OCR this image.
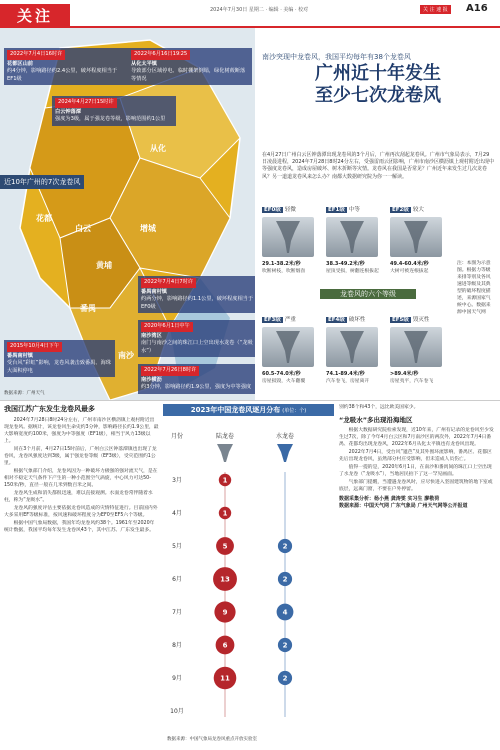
关注	2024年7月30日 星期二 · 编辑 · 美编 · 校对	关 注 速 报	A16
从化
花都
白云
黄埔
增城
番禺
南沙
2022年7月4日16时许
花都区山前
约4分钟，影响路径约2.4公里，破坏程度相当于EF1级
2022年6月16日19∶25
从化太平镇
导致部分区域停电、临时棚架倒塌，绿化树莜断落等情况
2024年4月27日15时许
白云钟落潭
强度为3级，属于强龙卷等级，影响范围约1公里
近10年广州的7次龙卷风
2022年7月4日7时许
番禺南村镇
约两分钟，影响路径约1.1公里，破坏程度相当于EF0级
2020年6月1日中午
南沙湾区
南门与南沙之间的珠江口上空出现水龙卷（“龙吸水”）
2015年10月4日下午
番禺南村镇
受台风“彩虹”影响，龙卷风袭击致番禺、海珠大面积停电	2022年7月26日8时许
南沙横沥
约3分钟，影响路径约1.9公里，强度为中等强度
数据来源：广州天气
南沙突现中龙卷风，我国平均每年有38个龙卷风
广州近十年发生
至少七次龙卷风
在4月27日广州白云区钟落潭出现龙卷风的3个月后，广州再次刮起龙卷风。广州市气象局表示，7月29日凌晨进程，2024年7月28日8时24分左右，受强雷雨云团影响，广州市南沙区横沥镇上观村附近出现中等强度龙卷风，造成房屋破坏、树木折断等灾情。龙卷风在我国是否常见？广州近年来发生过几次龙卷风？另一道道龙卷风来怎么办？南都大数据研究院为你一一解读。
EF0级 轻微
29.1-38.2米/秒
吹断树枝，吹断烟囱
EF1级 中等
38.3-49.2米/秒
屋顶受损，树翻连根拔起
EF2级 较大
49.4-60.4米/秒
大树可被连根拔起
EF3级 严重
60.5-74.0米/秒
房屋损毁，火车翻覆
EF4级 破坏性
74.1-89.4米/秒
汽车卷飞，房屋离开
EF5级 毁灭性
>89.4米/秒
房屋夷平，汽车卷飞
龙卷风的六个等级
注：本图为示意图。根据力等级来排等别及各风速进等级及其典型的破坏程度描述，来源国家气候中心。数据来源中国天气网
我国江苏广东发生龙卷风最多

2024年7月28日8时24分左右，广州市南沙区横沥镇上观村附近出现龙卷风。据统计，该龙卷风生命史约3分钟，影响路径长约1.9公里，最大影响宽度约100米，强度为中等强度（EF1级），相当于风力13级以上。

同在3个月前，4月27日15时前后，广州白云区钟落潭镇也出现了龙卷风，龙卷风强度达到3级，属于强龙卷等级（EF3级），受灾范围约1公里。

根据气象部门介绍，龙卷风因为一种破坏力极强的强对流天气，是在相对不稳定天气条件下产生的一种小范围空气涡旋，中心风力可达50-150米/秒，直径一般在几米到数百米之间。

龙卷风生成和消失都很迅速，难以直接观测。水面龙卷常伴随着水柱，称为“龙吸水”。

龙卷风的强度评估主要依据龙卷风造成的灾情特征进行。目前国内外大多采用EF等级标准，按风速和破坏程度分为EF0至EF5六个等级。

根据中国气象局数据，我国年均龙卷风约38个。1961年至2020年统计数据，我国平均每年发生龙卷风43个，其中江苏、广东发生最多。

2023年中国龙卷风逐月分布 (单位：个)
月份	陆龙卷	水龙卷
3月	1
4月	1
5月	5	2
6月	13	2
7月	9	4
8月	6	2
9月	11	2
10月
数据来源：中国气象局龙卷风重点开放实验室

别约38个和43个，远比欧美国家少。

“龙吸水”多出现沿海地区

根据大数据研究院检索发现，近10年来，广州有记录的龙卷风至少发生过7次，除了今年4月白云区和7月南沙区的两次外，2022年7月4日番禺、花都均出现龙卷风，2022年6月从化太平镇也有龙卷风出现。

2022年7月4日，受台风“暹芭”及其外围环流影响，番禺区、花都区先后出现龙卷风，虽然部分村庄受影响，但未造成人员伤亡。

值得一提的是，2020年6月1日，在南沙和番禺间的珠江口上空出现了水龙卷（“龙吸水”），当地居民拍下了这一罕见画面。

气象部门提醒，当遭遇龙卷风时，应尽快进入坚固建筑物的地下室或底层，远离门窗，不要在户外停留。

数据采集分析：杨小燕 龚涛雯 实习生 廖敬荷
数据来源：中国天气网 广东气象局 广州天气网等公开报道
